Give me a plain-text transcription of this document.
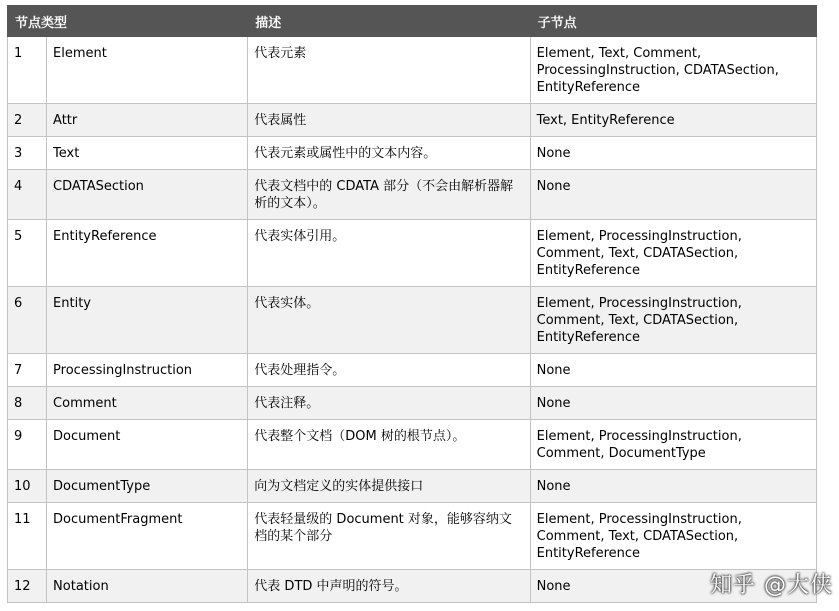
节点类型		描述	子节点
1	Element	代表元素	Element, Text, Comment, ProcessingInstruction, CDATASection, EntityReference
2	Attr	代表属性	Text, EntityReference
3	Text	代表元素或属性中的文本内容。	None
4	CDATASection	代表文档中的 CDATA 部分（不会由解析器解析的文本）。	None
5	EntityReference	代表实体引用。	Element, ProcessingInstruction, Comment, Text, CDATASection, EntityReference
6	Entity	代表实体。	Element, ProcessingInstruction, Comment, Text, CDATASection, EntityReference
7	ProcessingInstruction	代表处理指令。	None
8	Comment	代表注释。	None
9	Document	代表整个文档（DOM 树的根节点）。	Element, ProcessingInstruction, Comment, DocumentType
10	DocumentType	向为文档定义的实体提供接口	None
11	DocumentFragment	代表轻量级的 Document 对象，能够容纳文档的某个部分	Element, ProcessingInstruction, Comment, Text, CDATASection, EntityReference
12	Notation	代表 DTD 中声明的符号。	None	知乎 @大侠
